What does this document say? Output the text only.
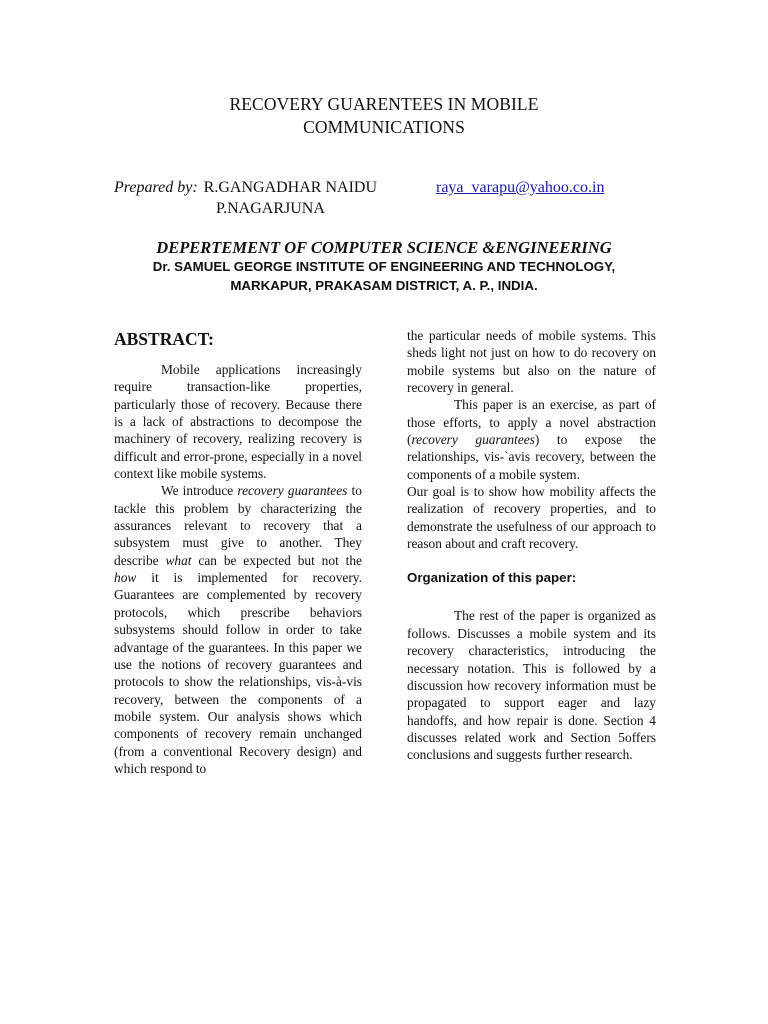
RECOVERY GUARENTEES IN MOBILE
COMMUNICATIONS
Prepared by: R.GANGADHAR NAIDU
P.NAGARJUNA
raya_varapu@yahoo.co.in
DEPERTEMENT OF COMPUTER SCIENCE &ENGINEERING
Dr. SAMUEL GEORGE INSTITUTE OF ENGINEERING AND TECHNOLOGY,
MARKAPUR, PRAKASAM DISTRICT, A. P., INDIA.
ABSTRACT:

Mobile applications increasingly require transaction-like properties, particularly those of recovery. Because there is a lack of abstractions to decompose the machinery of recovery, realizing recovery is difficult and error-prone, especially in a novel context like mobile systems.

We introduce recovery guarantees to tackle this problem by characterizing the assurances relevant to recovery that a subsystem must give to another. They describe what can be expected but not the how it is implemented for recovery. Guarantees are complemented by recovery protocols, which prescribe behaviors subsystems should follow in order to take advantage of the guarantees. In this paper we use the notions of recovery guarantees and protocols to show the relationships, vis-à-vis recovery, between the components of a mobile system. Our analysis shows which components of recovery remain unchanged (from a conventional Recovery design) and which respond to

the particular needs of mobile systems. This sheds light not just on how to do recovery on mobile systems but also on the nature of recovery in general.

This paper is an exercise, as part of those efforts, to apply a novel abstraction (recovery guarantees) to expose the relationships, vis-`avis recovery, between the components of a mobile system.

Our goal is to show how mobility affects the realization of recovery properties, and to demonstrate the usefulness of our approach to reason about and craft recovery.

Organization of this paper:

The rest of the paper is organized as follows. Discusses a mobile system and its recovery characteristics, introducing the necessary notation. This is followed by a discussion how recovery information must be propagated to support eager and lazy handoffs, and how repair is done. Section 4 discusses related work and Section 5offers conclusions and suggests further research.
